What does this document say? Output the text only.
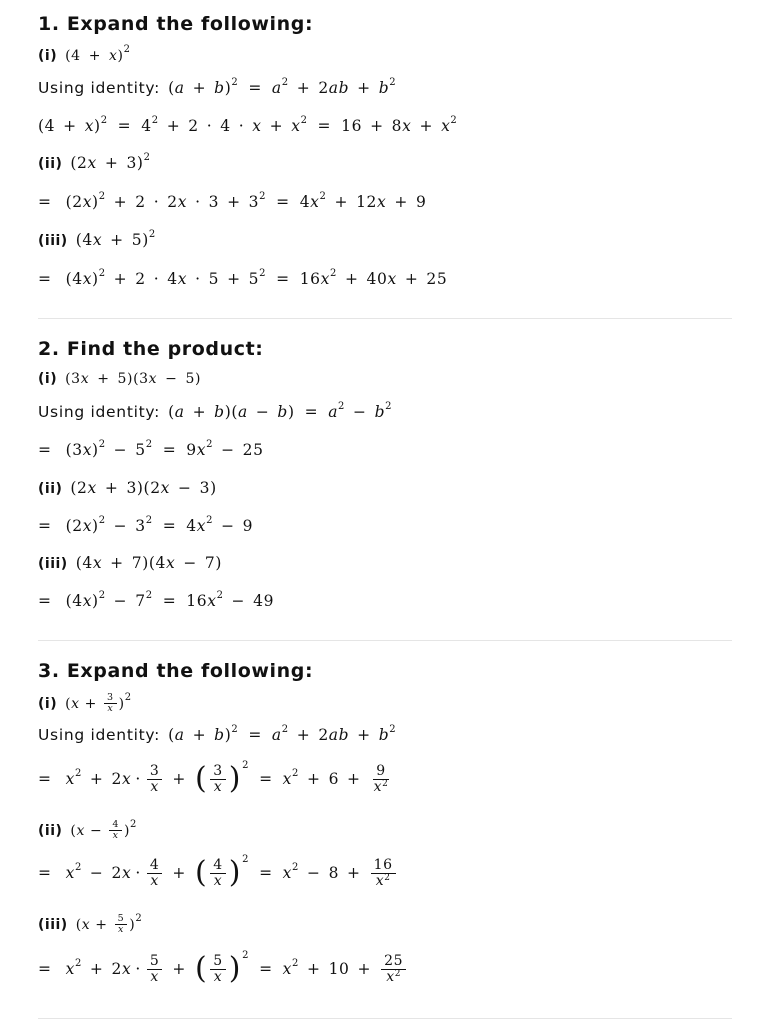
1. Expand the following:
(i) (4 + x )$^2$
Using identity: ( a + b )$^2 = a^2 + 2$ ab + $b^2$
(4 + x )$^2 = 4^2 + 2 \cdot 4 \cdot x + x^2 = 16 + 8$ $x + x^2$
(ii) (2 x + 3)$^2$
= (2 x )$^2$ + 2 · 2 $x \cdot 3 + 3^2 = 4$ $x^2 + 12$ x + 9
(iii) (4 x + 5)$^2$
= (4 x )$^2$ + 2 · 4 $x \cdot 5 + 5^2 = 16$ $x^2 + 40$ x + 25
2. Find the product:
(i) (3 x + 5)(3 x − 5)
Using identity: ( a + b )( a − b ) = $a^2 - b^2$
= (3 x )$^2 - 5^2 = 9$ $x^2 - 25$
(ii) (2 x + 3)(2 x − 3)
= (2 x )$^2 - 3^2 = 4$ $x^2 - 9$
(iii) (4 x + 7)(4 x − 7)
= (4 x )$^2 - 7^2 = 16$ $x^2 - 49$
3. Expand the following:
(i) ( $x + \frac{3}{x} )^2$
Using identity: ( a + b )$^2 = a^2 + 2$ ab + $b^2$
= $x^2 + 2$ $x \cdot \frac{3}{x}$ + ( $\frac{3}{x} )^2$
= $x^2 + 6 + \frac{9}{x^2}$
(ii) ( $x - \frac{4}{x} )^2$
= $x^2 - 2$ $x \cdot \frac{4}{x}$ + ( $\frac{4}{x} )^2$
= $x^2 - 8 + \frac{16}{x^2}$
(iii) ( $x + \frac{5}{x} )^2$
= $x^2 + 2$ $x \cdot \frac{5}{x}$ + ( $\frac{5}{x} )^2$
= $x^2 + 10 + \frac{25}{x^2}$
